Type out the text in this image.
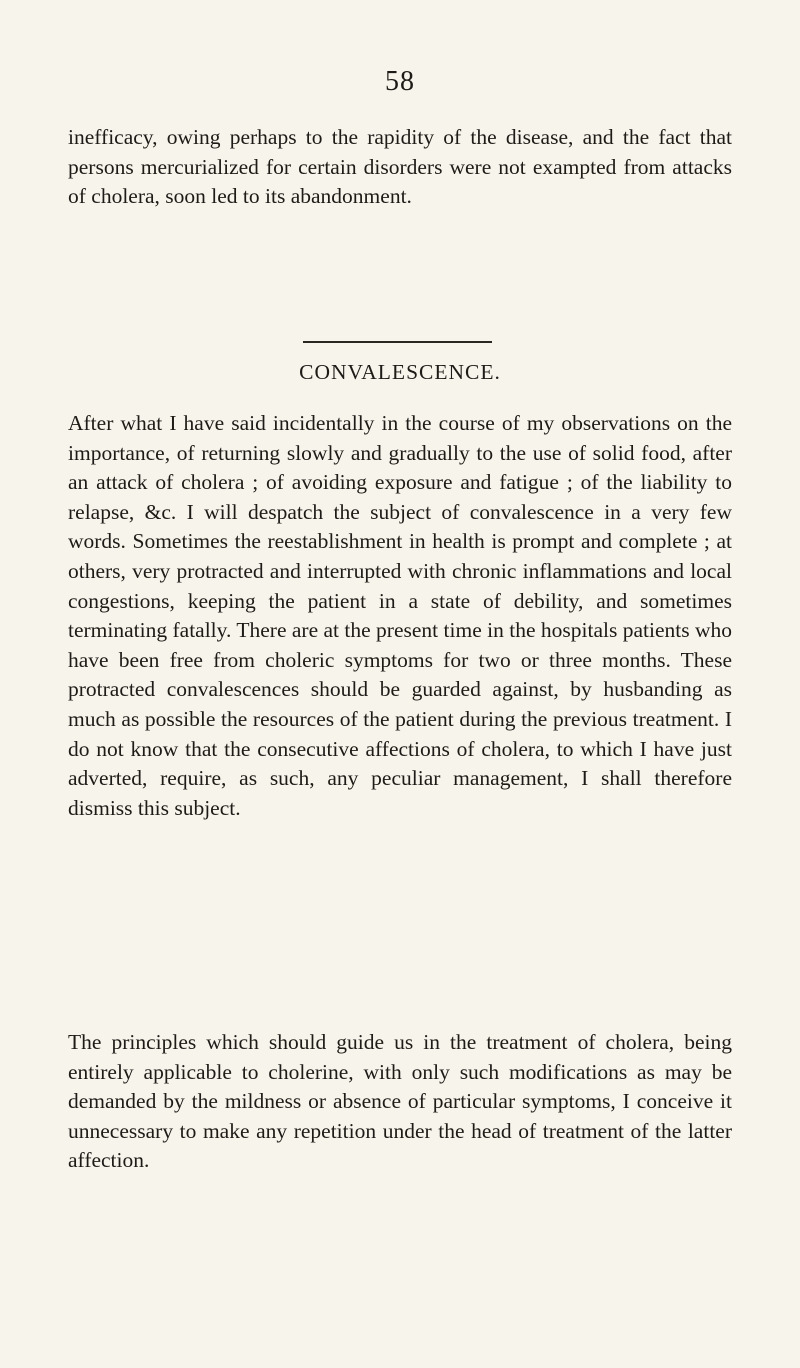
58

inefficacy, owing perhaps to the rapidity of the disease, and the fact that persons mercurialized for certain disorders were not exampted from attacks of cholera, soon led to its abandonment.

CONVALESCENCE.

After what I have said incidentally in the course of my observations on the importance, of returning slowly and gradually to the use of solid food, after an attack of cholera ; of avoiding exposure and fatigue ; of the liability to relapse, &c. I will despatch the subject of convalescence in a very few words. Sometimes the reestablishment in health is prompt and complete ; at others, very protracted and interrupted with chronic inflammations and local congestions, keeping the patient in a state of debility, and sometimes terminating fatally. There are at the present time in the hospitals patients who have been free from choleric symptoms for two or three months. These protracted convalescences should be guarded against, by husbanding as much as possible the resources of the patient during the previous treatment. I do not know that the consecutive affections of cholera, to which I have just adverted, require, as such, any peculiar management, I shall therefore dismiss this subject.

The principles which should guide us in the treatment of cholera, being entirely applicable to cholerine, with only such modifications as may be demanded by the mildness or absence of particular symptoms, I conceive it unnecessary to make any repetition under the head of treatment of the latter affection.
